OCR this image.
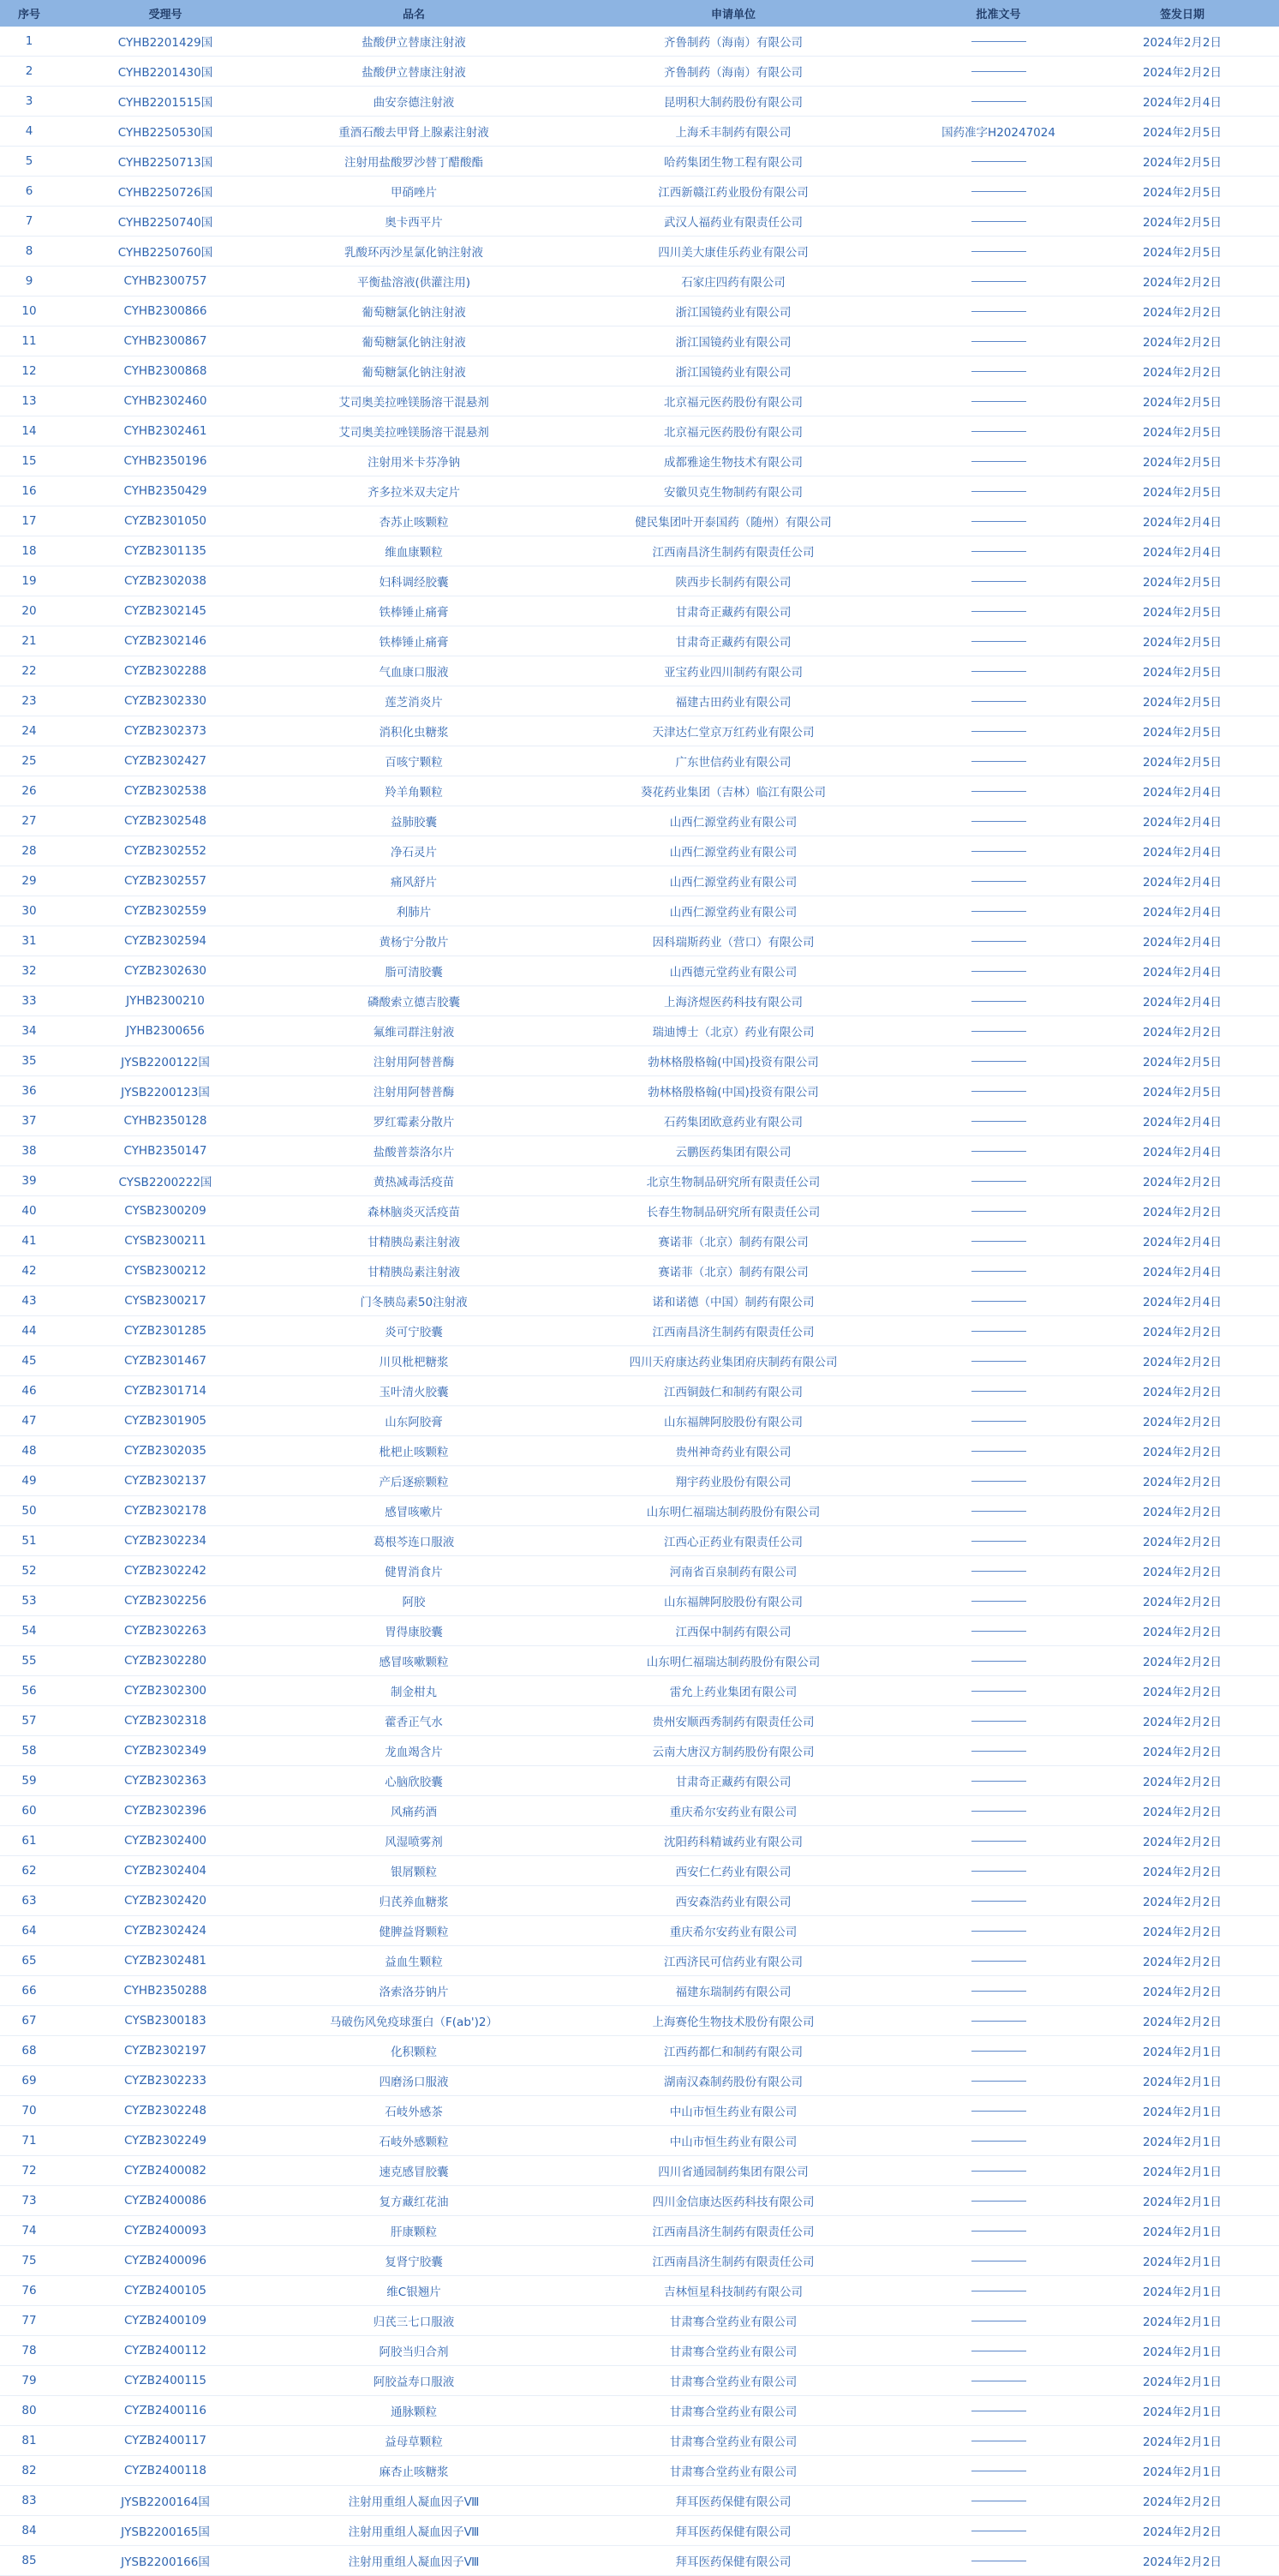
序号	受理号	品名	申请单位	批准文号	签发日期
1	CYHB2201429国	盐酸伊立替康注射液	齐鲁制药（海南）有限公司		2024年2月2日
2	CYHB2201430国	盐酸伊立替康注射液	齐鲁制药（海南）有限公司		2024年2月2日
3	CYHB2201515国	曲安奈德注射液	昆明积大制药股份有限公司		2024年2月4日
4	CYHB2250530国	重酒石酸去甲肾上腺素注射液	上海禾丰制药有限公司	国药准字H20247024	2024年2月5日
5	CYHB2250713国	注射用盐酸罗沙替丁醋酸酯	哈药集团生物工程有限公司		2024年2月5日
6	CYHB2250726国	甲硝唑片	江西新赣江药业股份有限公司		2024年2月5日
7	CYHB2250740国	奥卡西平片	武汉人福药业有限责任公司		2024年2月5日
8	CYHB2250760国	乳酸环丙沙星氯化钠注射液	四川美大康佳乐药业有限公司		2024年2月5日
9	CYHB2300757	平衡盐溶液(供灌注用)	石家庄四药有限公司		2024年2月2日
10	CYHB2300866	葡萄糖氯化钠注射液	浙江国镜药业有限公司		2024年2月2日
11	CYHB2300867	葡萄糖氯化钠注射液	浙江国镜药业有限公司		2024年2月2日
12	CYHB2300868	葡萄糖氯化钠注射液	浙江国镜药业有限公司		2024年2月2日
13	CYHB2302460	艾司奥美拉唑镁肠溶干混悬剂	北京福元医药股份有限公司		2024年2月5日
14	CYHB2302461	艾司奥美拉唑镁肠溶干混悬剂	北京福元医药股份有限公司		2024年2月5日
15	CYHB2350196	注射用米卡芬净钠	成都雅途生物技术有限公司		2024年2月5日
16	CYHB2350429	齐多拉米双夫定片	安徽贝克生物制药有限公司		2024年2月5日
17	CYZB2301050	杏苏止咳颗粒	健民集团叶开泰国药（随州）有限公司		2024年2月4日
18	CYZB2301135	维血康颗粒	江西南昌济生制药有限责任公司		2024年2月4日
19	CYZB2302038	妇科调经胶囊	陕西步长制药有限公司		2024年2月5日
20	CYZB2302145	铁棒锤止痛膏	甘肃奇正藏药有限公司		2024年2月5日
21	CYZB2302146	铁棒锤止痛膏	甘肃奇正藏药有限公司		2024年2月5日
22	CYZB2302288	气血康口服液	亚宝药业四川制药有限公司		2024年2月5日
23	CYZB2302330	莲芝消炎片	福建古田药业有限公司		2024年2月5日
24	CYZB2302373	消积化虫糖浆	天津达仁堂京万红药业有限公司		2024年2月5日
25	CYZB2302427	百咳宁颗粒	广东世信药业有限公司		2024年2月5日
26	CYZB2302538	羚羊角颗粒	葵花药业集团（吉林）临江有限公司		2024年2月4日
27	CYZB2302548	益肺胶囊	山西仁源堂药业有限公司		2024年2月4日
28	CYZB2302552	净石灵片	山西仁源堂药业有限公司		2024年2月4日
29	CYZB2302557	痛风舒片	山西仁源堂药业有限公司		2024年2月4日
30	CYZB2302559	利肺片	山西仁源堂药业有限公司		2024年2月4日
31	CYZB2302594	黄杨宁分散片	因科瑞斯药业（营口）有限公司		2024年2月4日
32	CYZB2302630	脂可清胶囊	山西德元堂药业有限公司		2024年2月4日
33	JYHB2300210	磷酸索立德吉胶囊	上海济煜医药科技有限公司		2024年2月4日
34	JYHB2300656	氟维司群注射液	瑞迪博士（北京）药业有限公司		2024年2月2日
35	JYSB2200122国	注射用阿替普酶	勃林格殷格翰(中国)投资有限公司		2024年2月5日
36	JYSB2200123国	注射用阿替普酶	勃林格殷格翰(中国)投资有限公司		2024年2月5日
37	CYHB2350128	罗红霉素分散片	石药集团欧意药业有限公司		2024年2月4日
38	CYHB2350147	盐酸普萘洛尔片	云鹏医药集团有限公司		2024年2月4日
39	CYSB2200222国	黄热减毒活疫苗	北京生物制品研究所有限责任公司		2024年2月2日
40	CYSB2300209	森林脑炎灭活疫苗	长春生物制品研究所有限责任公司		2024年2月2日
41	CYSB2300211	甘精胰岛素注射液	赛诺菲（北京）制药有限公司		2024年2月4日
42	CYSB2300212	甘精胰岛素注射液	赛诺菲（北京）制药有限公司		2024年2月4日
43	CYSB2300217	门冬胰岛素50注射液	诺和诺德（中国）制药有限公司		2024年2月4日
44	CYZB2301285	炎可宁胶囊	江西南昌济生制药有限责任公司		2024年2月2日
45	CYZB2301467	川贝枇杷糖浆	四川天府康达药业集团府庆制药有限公司		2024年2月2日
46	CYZB2301714	玉叶清火胶囊	江西铜鼓仁和制药有限公司		2024年2月2日
47	CYZB2301905	山东阿胶膏	山东福牌阿胶股份有限公司		2024年2月2日
48	CYZB2302035	枇杷止咳颗粒	贵州神奇药业有限公司		2024年2月2日
49	CYZB2302137	产后逐瘀颗粒	翔宇药业股份有限公司		2024年2月2日
50	CYZB2302178	感冒咳嗽片	山东明仁福瑞达制药股份有限公司		2024年2月2日
51	CYZB2302234	葛根芩连口服液	江西心正药业有限责任公司		2024年2月2日
52	CYZB2302242	健胃消食片	河南省百泉制药有限公司		2024年2月2日
53	CYZB2302256	阿胶	山东福牌阿胶股份有限公司		2024年2月2日
54	CYZB2302263	胃得康胶囊	江西保中制药有限公司		2024年2月2日
55	CYZB2302280	感冒咳嗽颗粒	山东明仁福瑞达制药股份有限公司		2024年2月2日
56	CYZB2302300	制金柑丸	雷允上药业集团有限公司		2024年2月2日
57	CYZB2302318	藿香正气水	贵州安顺西秀制药有限责任公司		2024年2月2日
58	CYZB2302349	龙血竭含片	云南大唐汉方制药股份有限公司		2024年2月2日
59	CYZB2302363	心脑欣胶囊	甘肃奇正藏药有限公司		2024年2月2日
60	CYZB2302396	风痛药酒	重庆希尔安药业有限公司		2024年2月2日
61	CYZB2302400	风湿喷雾剂	沈阳药科精诚药业有限公司		2024年2月2日
62	CYZB2302404	银屑颗粒	西安仁仁药业有限公司		2024年2月2日
63	CYZB2302420	归芪养血糖浆	西安森浩药业有限公司		2024年2月2日
64	CYZB2302424	健脾益肾颗粒	重庆希尔安药业有限公司		2024年2月2日
65	CYZB2302481	益血生颗粒	江西济民可信药业有限公司		2024年2月2日
66	CYHB2350288	洛索洛芬钠片	福建东瑞制药有限公司		2024年2月2日
67	CYSB2300183	马破伤风免疫球蛋白（F(ab')2）	上海赛伦生物技术股份有限公司		2024年2月2日
68	CYZB2302197	化积颗粒	江西药都仁和制药有限公司		2024年2月1日
69	CYZB2302233	四磨汤口服液	湖南汉森制药股份有限公司		2024年2月1日
70	CYZB2302248	石岐外感茶	中山市恒生药业有限公司		2024年2月1日
71	CYZB2302249	石岐外感颗粒	中山市恒生药业有限公司		2024年2月1日
72	CYZB2400082	速克感冒胶囊	四川省通园制药集团有限公司		2024年2月1日
73	CYZB2400086	复方藏红花油	四川金信康达医药科技有限公司		2024年2月1日
74	CYZB2400093	肝康颗粒	江西南昌济生制药有限责任公司		2024年2月1日
75	CYZB2400096	复肾宁胶囊	江西南昌济生制药有限责任公司		2024年2月1日
76	CYZB2400105	维C银翘片	吉林恒星科技制药有限公司		2024年2月1日
77	CYZB2400109	归芪三七口服液	甘肃骞合堂药业有限公司		2024年2月1日
78	CYZB2400112	阿胶当归合剂	甘肃骞合堂药业有限公司		2024年2月1日
79	CYZB2400115	阿胶益寿口服液	甘肃骞合堂药业有限公司		2024年2月1日
80	CYZB2400116	通脉颗粒	甘肃骞合堂药业有限公司		2024年2月1日
81	CYZB2400117	益母草颗粒	甘肃骞合堂药业有限公司		2024年2月1日
82	CYZB2400118	麻杏止咳糖浆	甘肃骞合堂药业有限公司		2024年2月1日
83	JYSB2200164国	注射用重组人凝血因子Ⅷ	拜耳医药保健有限公司		2024年2月2日
84	JYSB2200165国	注射用重组人凝血因子Ⅷ	拜耳医药保健有限公司		2024年2月2日
85	JYSB2200166国	注射用重组人凝血因子Ⅷ	拜耳医药保健有限公司		2024年2月2日
